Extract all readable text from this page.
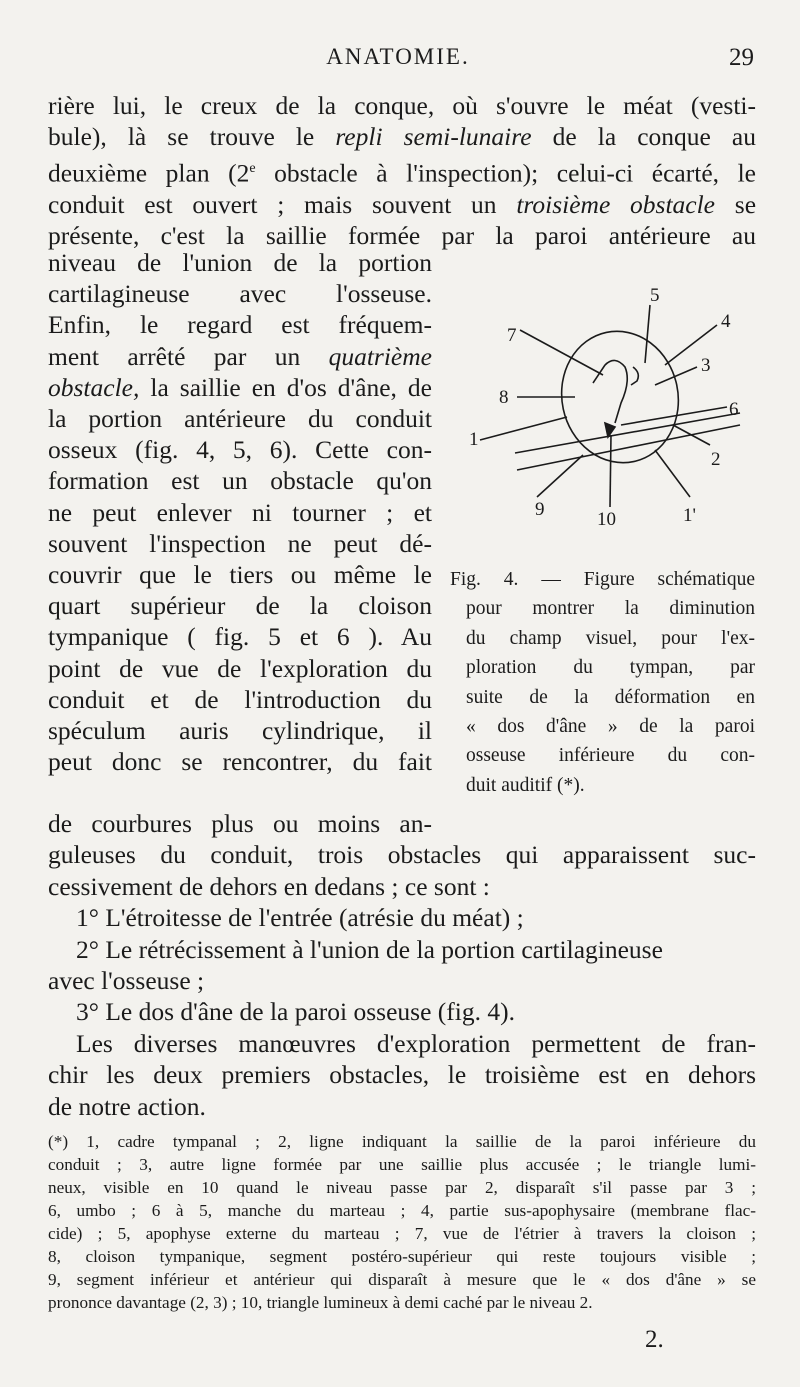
ANATOMIE.	29
rière lui, le creux de la conque, où s'ouvre le méat (vesti-
bule), là se trouve le repli semi-lunaire de la conque au
deuxième plan (2e obstacle à l'inspection); celui-ci écarté, le
conduit est ouvert ; mais souvent un troisième obstacle se
présente, c'est la saillie formée par la paroi antérieure au
niveau de l'union de la portion
cartilagineuse avec l'osseuse.
Enfin, le regard est fréquem-
ment arrêté par un quatrième
obstacle, la saillie en d'os d'âne, de
la portion antérieure du conduit
osseux (fig. 4, 5, 6). Cette con-
formation est un obstacle qu'on
ne peut enlever ni tourner ; et
souvent l'inspection ne peut dé-
couvrir que le tiers ou même le
quart supérieur de la cloison
tympanique ( fig. 5 et 6 ). Au
point de vue de l'exploration du
conduit et de l'introduction du
spéculum auris cylindrique, il
peut donc se rencontrer, du fait
5
4
7
3
8
6
1
2
9	10	1'
Fig. 4. — Figure schématique
pour montrer la diminution
du champ visuel, pour l'ex-
ploration du tympan, par
suite de la déformation en
« dos d'âne » de la paroi
osseuse inférieure du con-
duit auditif (*).
de courbures plus ou moins an-
guleuses du conduit, trois obstacles qui apparaissent suc-
cessivement de dehors en dedans ; ce sont :
1° L'étroitesse de l'entrée (atrésie du méat) ;
2° Le rétrécissement à l'union de la portion cartilagineuse
avec l'osseuse ;
3° Le dos d'âne de la paroi osseuse (fig. 4).
Les diverses manœuvres d'exploration permettent de fran-
chir les deux premiers obstacles, le troisième est en dehors
de notre action.
(*) 1, cadre tympanal ; 2, ligne indiquant la saillie de la paroi inférieure du
conduit ; 3, autre ligne formée par une saillie plus accusée ; le triangle lumi-
neux, visible en 10 quand le niveau passe par 2, disparaît s'il passe par 3 ;
6, umbo ; 6 à 5, manche du marteau ; 4, partie sus-apophysaire (membrane flac-
cide) ; 5, apophyse externe du marteau ; 7, vue de l'étrier à travers la cloison ;
8, cloison tympanique, segment postéro-supérieur qui reste toujours visible ;
9, segment inférieur et antérieur qui disparaît à mesure que le « dos d'âne » se
prononce davantage (2, 3) ; 10, triangle lumineux à demi caché par le niveau 2.
2.
